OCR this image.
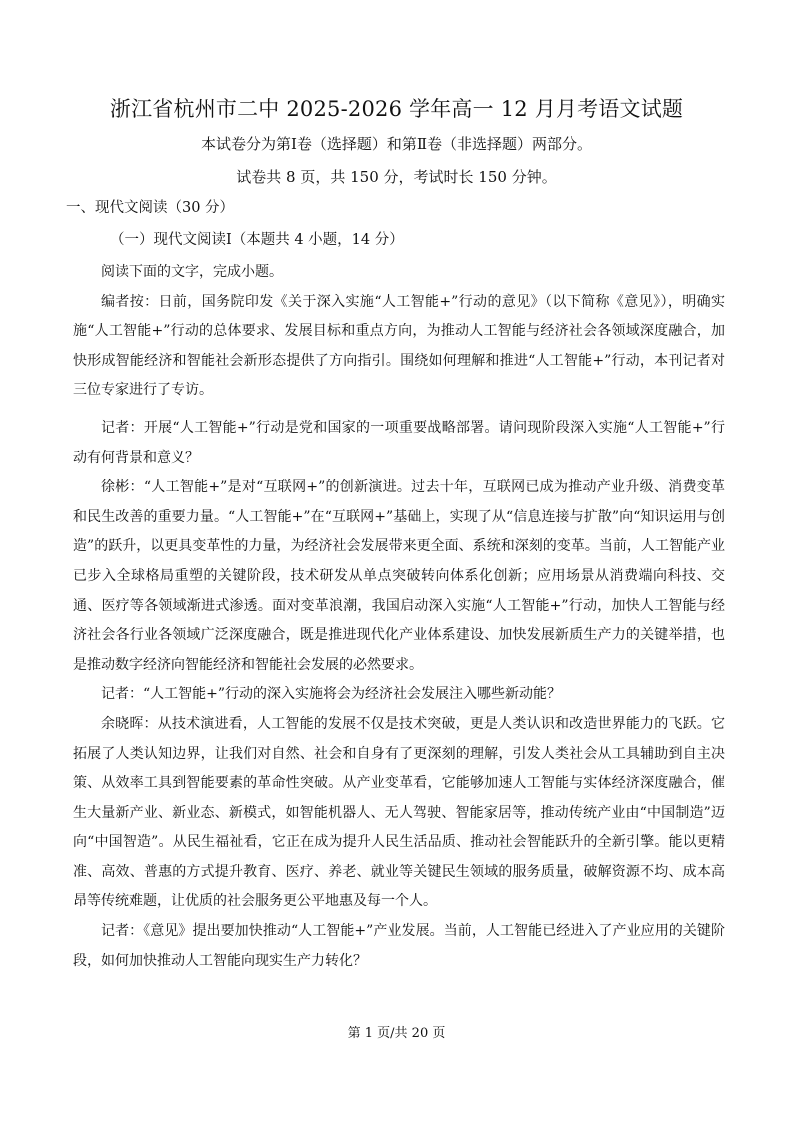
浙江省杭州市二中 2025-2026 学年高一 12 月月考语文试题
本试卷分为第Ⅰ卷（选择题）和第Ⅱ卷（非选择题）两部分。
试卷共 8 页，共 150 分，考试时长 150 分钟。
一、现代文阅读（30 分）
（一）现代文阅读Ⅰ（本题共 4 小题，14 分）

阅读下面的文字，完成小题。

编者按：日前，国务院印发《关于深入实施“人工智能+”行动的意见》（以下简称《意见》），明确实施“人工智能+”行动的总体要求、发展目标和重点方向，为推动人工智能与经济社会各领域深度融合，加快形成智能经济和智能社会新形态提供了方向指引。围绕如何理解和推进“人工智能+”行动，本刊记者对三位专家进行了专访。

记者：开展“人工智能+”行动是党和国家的一项重要战略部署。请问现阶段深入实施“人工智能+”行动有何背景和意义？

徐彬：“人工智能+”是对“互联网+”的创新演进。过去十年，互联网已成为推动产业升级、消费变革和民生改善的重要力量。“人工智能+”在“互联网+”基础上，实现了从“信息连接与扩散”向“知识运用与创造”的跃升，以更具变革性的力量，为经济社会发展带来更全面、系统和深刻的变革。当前，人工智能产业已步入全球格局重塑的关键阶段，技术研发从单点突破转向体系化创新；应用场景从消费端向科技、交通、医疗等各领域渐进式渗透。面对变革浪潮，我国启动深入实施“人工智能+”行动，加快人工智能与经济社会各行业各领域广泛深度融合，既是推进现代化产业体系建设、加快发展新质生产力的关键举措，也是推动数字经济向智能经济和智能社会发展的必然要求。

记者：“人工智能+”行动的深入实施将会为经济社会发展注入哪些新动能？

余晓晖：从技术演进看，人工智能的发展不仅是技术突破，更是人类认识和改造世界能力的飞跃。它拓展了人类认知边界，让我们对自然、社会和自身有了更深刻的理解，引发人类社会从工具辅助到自主决策、从效率工具到智能要素的革命性突破。从产业变革看，它能够加速人工智能与实体经济深度融合，催生大量新产业、新业态、新模式，如智能机器人、无人驾驶、智能家居等，推动传统产业由“中国制造”迈向“中国智造”。从民生福祉看，它正在成为提升人民生活品质、推动社会智能跃升的全新引擎。能以更精准、高效、普惠的方式提升教育、医疗、养老、就业等关键民生领域的服务质量，破解资源不均、成本高昂等传统难题，让优质的社会服务更公平地惠及每一个人。

记者：《意见》提出要加快推动“人工智能+”产业发展。当前，人工智能已经进入了产业应用的关键阶段，如何加快推动人工智能向现实生产力转化？

第 1 页/共 20 页
